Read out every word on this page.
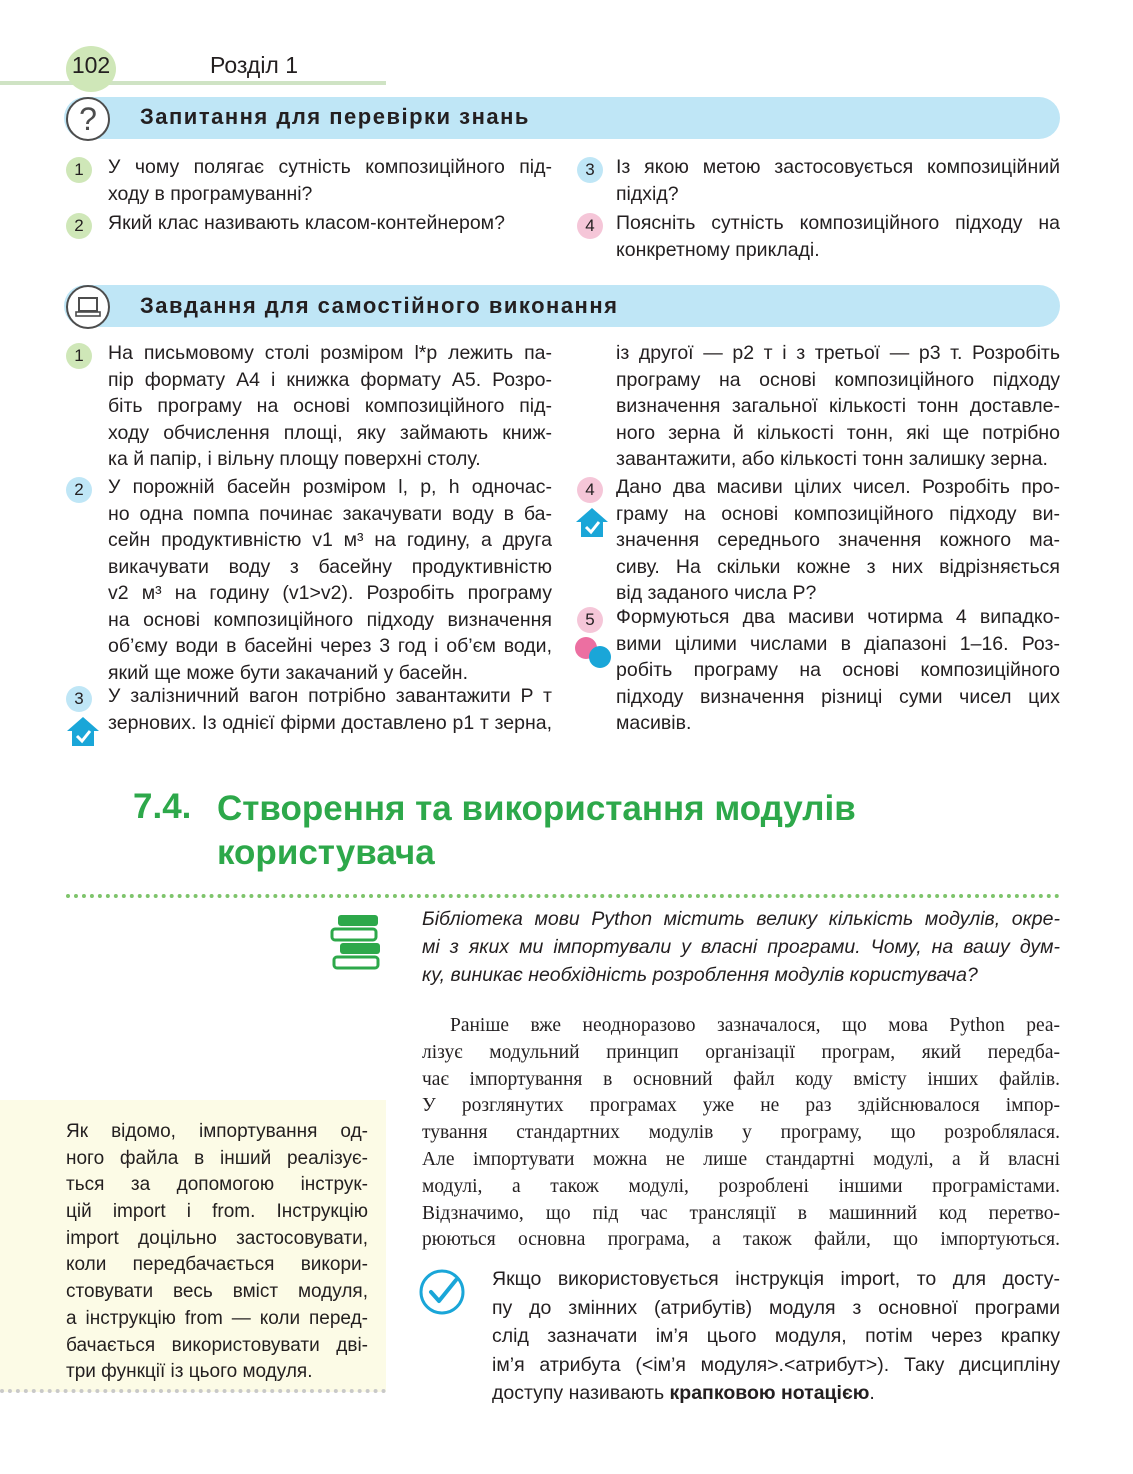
102	Розділ 1
? Запитання для перевірки знань
1	У чому полягає сутність композиційного під-
ходу в програмуванні?
2	Який клас називають класом-контейнером?
3	Із якою метою застосовується композиційний
підхід?
4	Поясніть сутність композиційного підходу на
конкретному прикладі.
Завдання для самостійного виконання
1	На письмовому столі розміром l*p лежить па-
пір формату А4 і книжка формату А5. Розро-
біть програму на основі композиційного під-
ходу обчислення площі, яку займають книж-
ка й папір, і вільну площу поверхні столу.
2	У порожній басейн розміром l, p, h одночас-
но одна помпа починає закачувати воду в ба-
сейн продуктивністю v1 м³ на годину, а друга
викачувати воду з басейну продуктивністю
v2 м³ на годину (v1>v2). Розробіть програму
на основі композиційного підходу визначення
об’єму води в басейні через 3 год і об’єм води,
який ще може бути закачаний у басейн.
3	У залізничний вагон потрібно завантажити P т
зернових. Із однієї фірми доставлено p1 т зерна,
із другої — p2 т і з третьої — p3 т. Розробіть
програму на основі композиційного підходу
визначення загальної кількості тонн доставле-
ного зерна й кількості тонн, які ще потрібно
завантажити, або кількості тонн залишку зерна.
4	Дано два масиви цілих чисел. Розробіть про-
граму на основі композиційного підходу ви-
значення середнього значення кожного ма-
сиву. На скільки кожне з них відрізняється
від заданого числа P?
5	Формуються два масиви чотирма 4 випадко-
вими цілими числами в діапазоні 1–16. Роз-
робіть програму на основі композиційного
підходу визначення різниці суми чисел цих
масивів.
7.4. Створення та використання модулів
користувача
Бібліотека мови Python містить велику кількість модулів, окре-
мі з яких ми імпортували у власні програми. Чому, на вашу дум-
ку, виникає необхідність розроблення модулів користувача?
Раніше вже неодноразово зазначалося, що мова Python реа-
лізує модульний принцип організації програм, який передба-
чає імпортування в основний файл коду вмісту інших файлів.
У розглянутих програмах уже не раз здійснювалося імпор-
тування стандартних модулів у програму, що розроблялася.
Але імпортувати можна не лише стандартні модулі, а й власні
модулі, а також модулі, розроблені іншими програмістами.
Відзначимо, що під час трансляції в машинний код перетво-
рюються основна програма, а також файли, що імпортуються.
Як відомо, імпортування од-
ного файла в інший реалізує-
ться за допомогою інструк-
цій import і from. Інструкцію
import доцільно застосовувати,
коли передбачається викори-
стовувати весь вміст модуля,
а інструкцію from — коли перед-
бачається використовувати дві-
три функції із цього модуля.
Якщо використовується інструкція import, то для досту-
пу до змінних (атрибутів) модуля з основної програми
слід зазначати ім’я цього модуля, потім через крапку
ім’я атрибута (<ім’я модуля>.<атрибут>). Таку дисципліну
доступу називають крапковою нотацією.
